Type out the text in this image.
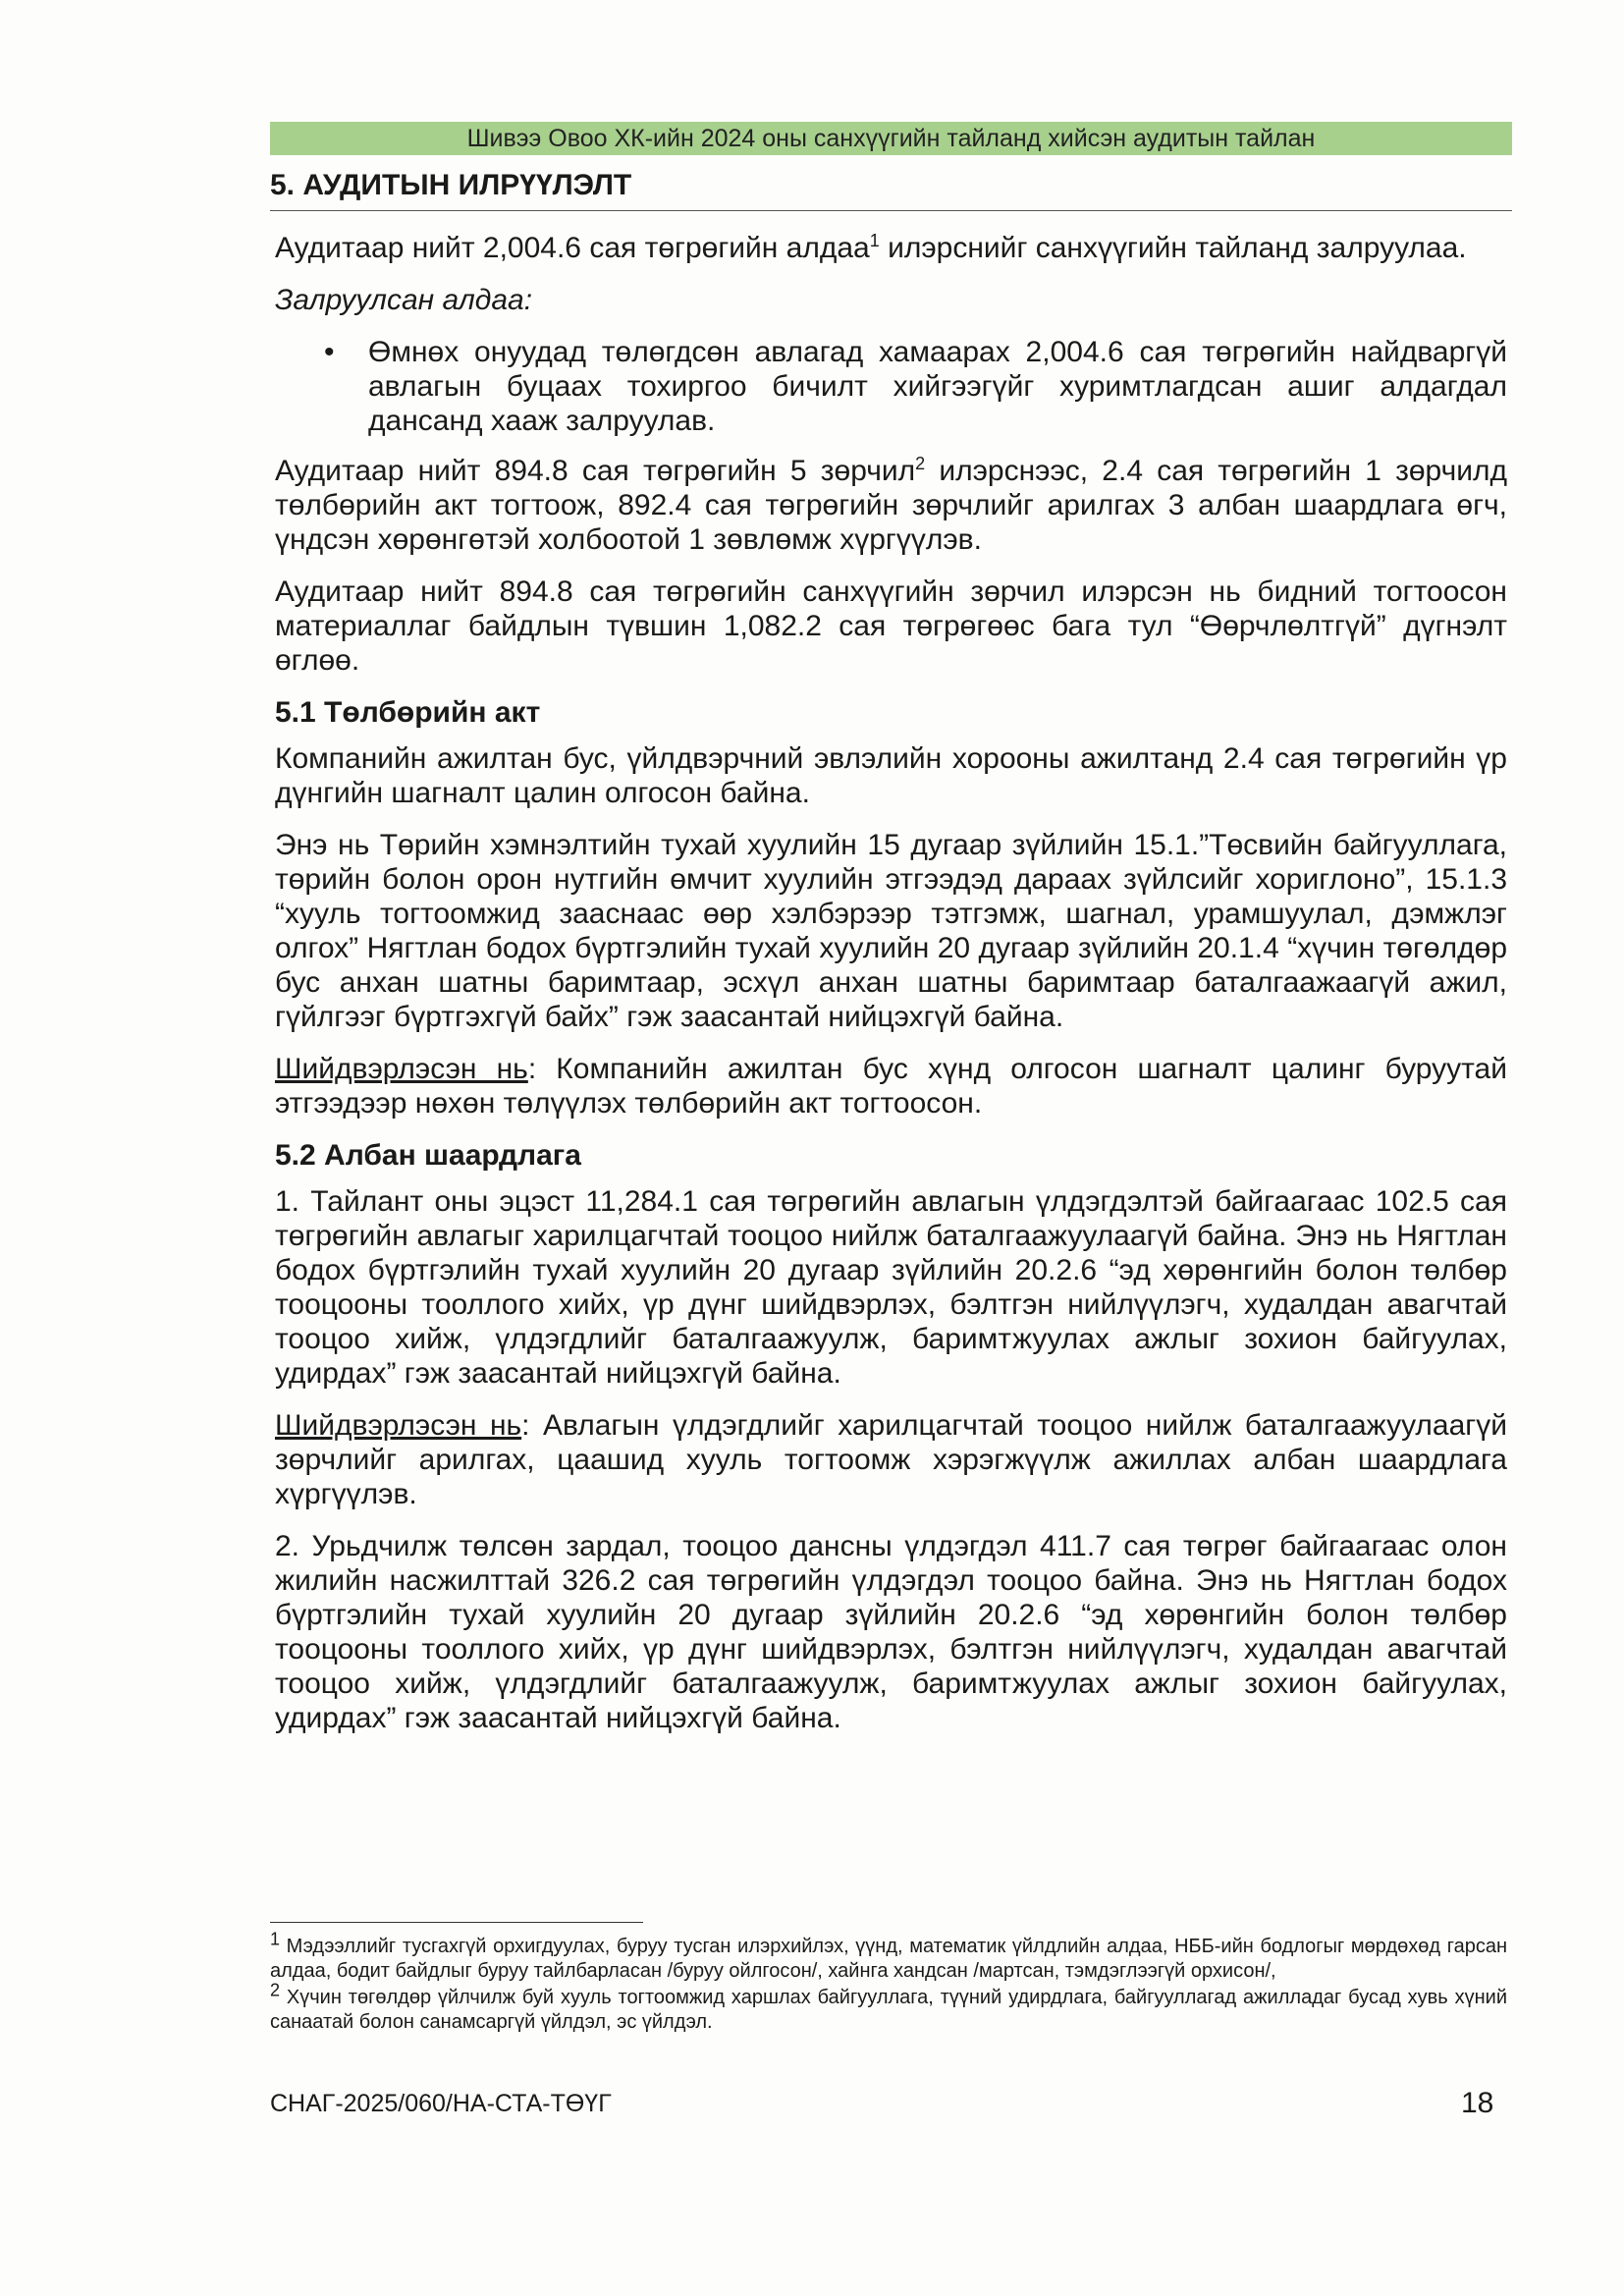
Шивээ Овоо ХК-ийн 2024 оны санхүүгийн тайланд хийсэн аудитын тайлан
5. АУДИТЫН ИЛРҮҮЛЭЛТ

Аудитаар нийт 2,004.6 сая төгрөгийн алдаа$^1$ илэрснийг санхүүгийн тайланд залруулаа.

Залруулсан алдаа:

• Өмнөх онуудад төлөгдсөн авлагад хамаарах 2,004.6 сая төгрөгийн найдваргүй авлагын буцаах тохиргоо бичилт хийгээгүйг хуримтлагдсан ашиг алдагдал дансанд хааж залруулав.

Аудитаар нийт 894.8 сая төгрөгийн 5 зөрчил$^2$ илэрснээс, 2.4 сая төгрөгийн 1 зөрчилд төлбөрийн акт тогтоож, 892.4 сая төгрөгийн зөрчлийг арилгах 3 албан шаардлага өгч, үндсэн хөрөнгөтэй холбоотой 1 зөвлөмж хүргүүлэв.

Аудитаар нийт 894.8 сая төгрөгийн санхүүгийн зөрчил илэрсэн нь бидний тогтоосон материаллаг байдлын түвшин 1,082.2 сая төгрөгөөс бага тул “Өөрчлөлтгүй” дүгнэлт өглөө.

5.1 Төлбөрийн акт

Компанийн ажилтан бус, үйлдвэрчний эвлэлийн хорооны ажилтанд 2.4 сая төгрөгийн үр дүнгийн шагналт цалин олгосон байна.

Энэ нь Төрийн хэмнэлтийн тухай хуулийн 15 дугаар зүйлийн 15.1.”Төсвийн байгууллага, төрийн болон орон нутгийн өмчит хуулийн этгээдэд дараах зүйлсийг хориглоно”, 15.1.3 “хууль тогтоомжид зааснаас өөр хэлбэрээр тэтгэмж, шагнал, урамшуулал, дэмжлэг олгох” Нягтлан бодох бүртгэлийн тухай хуулийн 20 дугаар зүйлийн 20.1.4 “хүчин төгөлдөр бус анхан шатны баримтаар, эсхүл анхан шатны баримтаар баталгаажаагүй ажил, гүйлгээг бүртгэхгүй байх” гэж заасантай нийцэхгүй байна.

Шийдвэрлэсэн нь: Компанийн ажилтан бус хүнд олгосон шагналт цалинг буруутай этгээдээр нөхөн төлүүлэх төлбөрийн акт тогтоосон.

5.2 Албан шаардлага

1. Тайлант оны эцэст 11,284.1 сая төгрөгийн авлагын үлдэгдэлтэй байгаагаас 102.5 сая төгрөгийн авлагыг харилцагчтай тооцоо нийлж баталгаажуулаагүй байна. Энэ нь Нягтлан бодох бүртгэлийн тухай хуулийн 20 дугаар зүйлийн 20.2.6 “эд хөрөнгийн болон төлбөр тооцооны тооллого хийх, үр дүнг шийдвэрлэх, бэлтгэн нийлүүлэгч, худалдан авагчтай тооцоо хийж, үлдэгдлийг баталгаажуулж, баримтжуулах ажлыг зохион байгуулах, удирдах” гэж заасантай нийцэхгүй байна.

Шийдвэрлэсэн нь: Авлагын үлдэгдлийг харилцагчтай тооцоо нийлж баталгаажуулаагүй зөрчлийг арилгах, цаашид хууль тогтоомж хэрэгжүүлж ажиллах албан шаардлага хүргүүлэв.

2. Урьдчилж төлсөн зардал, тооцоо дансны үлдэгдэл 411.7 сая төгрөг байгаагаас олон жилийн насжилттай 326.2 сая төгрөгийн үлдэгдэл тооцоо байна. Энэ нь Нягтлан бодох бүртгэлийн тухай хуулийн 20 дугаар зүйлийн 20.2.6 “эд хөрөнгийн болон төлбөр тооцооны тооллого хийх, үр дүнг шийдвэрлэх, бэлтгэн нийлүүлэгч, худалдан авагчтай тооцоо хийж, үлдэгдлийг баталгаажуулж, баримтжуулах ажлыг зохион байгуулах, удирдах” гэж заасантай нийцэхгүй байна.

$^1$ Мэдээллийг тусгахгүй орхигдуулах, буруу тусган илэрхийлэх, үүнд, математик үйлдлийн алдаа, НББ-ийн бодлогыг мөрдөхөд гарсан алдаа, бодит байдлыг буруу тайлбарласан /буруу ойлгосон/, хайнга хандсан /мартсан, тэмдэглээгүй орхисон/,

$^2$ Хүчин төгөлдөр үйлчилж буй хууль тогтоомжид харшлах байгууллага, түүний удирдлага, байгууллагад ажилладаг бусад хувь хүний санаатай болон санамсаргүй үйлдэл, эс үйлдэл.

СНАГ-2025/060/НА-СТА-ТӨҮГ	18
